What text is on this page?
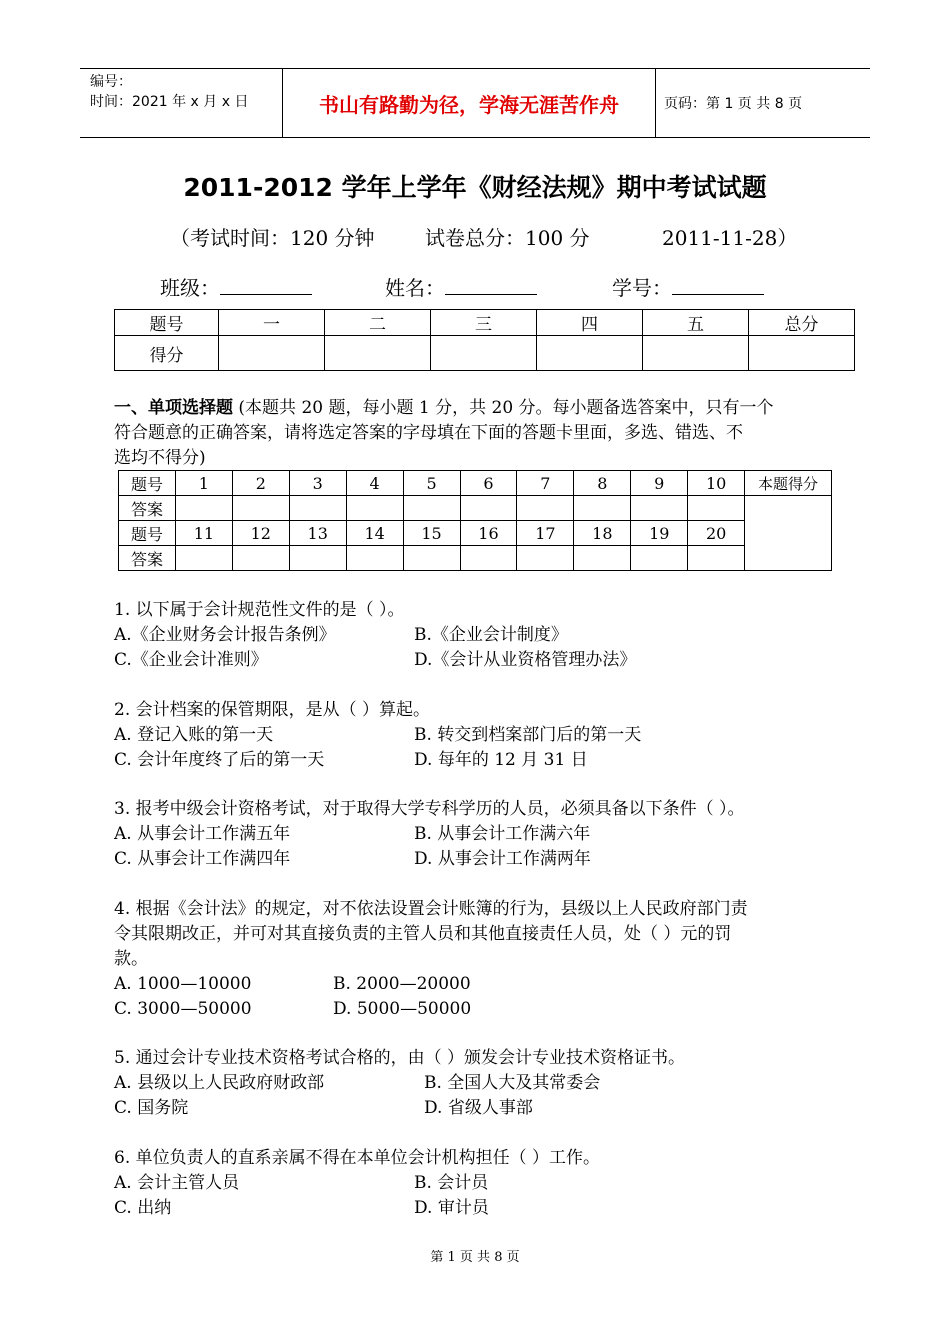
编号：
时间：2021 年 x 月 x 日	书山有路勤为径，学海无涯苦作舟	页码：第 1 页 共 8 页
2011-2012 学年上学年《财经法规》期中考试试题
（考试时间：120 分钟	试卷总分：100 分	2011-11-28）
班级：	姓名：	学号：
题号	一	二	三	四	五	总分
得分						
一、单项选择题 (本题共 20 题，每小题 1 分，共 20 分。每小题备选答案中，只有一个
符合题意的正确答案，请将选定答案的字母填在下面的答题卡里面，多选、错选、不
选均不得分)
题号	1	2	3	4	5	6	7	8	9	10	本题得分
答案											
题号	11	12	13	14	15	16	17	18	19	20	
答案											
1. 以下属于会计规范性文件的是（ ）。
A.《企业财务会计报告条例》	B.《企业会计制度》
C.《企业会计准则》	D.《会计从业资格管理办法》
2. 会计档案的保管期限，是从（ ）算起。
A. 登记入账的第一天	B. 转交到档案部门后的第一天
C. 会计年度终了后的第一天	D. 每年的 12 月 31 日
3. 报考中级会计资格考试，对于取得大学专科学历的人员，必须具备以下条件（ ）。
A. 从事会计工作满五年	B. 从事会计工作满六年
C. 从事会计工作满四年	D. 从事会计工作满两年
4. 根据《会计法》的规定，对不依法设置会计账簿的行为，县级以上人民政府部门责
令其限期改正，并可对其直接负责的主管人员和其他直接责任人员，处（ ）元的罚
款。
A. 1000—10000	B. 2000—20000
C. 3000—50000	D. 5000—50000
5. 通过会计专业技术资格考试合格的，由（ ）颁发会计专业技术资格证书。
A. 县级以上人民政府财政部	B. 全国人大及其常委会
C. 国务院	D. 省级人事部
6. 单位负责人的直系亲属不得在本单位会计机构担任（ ）工作。
A. 会计主管人员	B. 会计员
C. 出纳	D. 审计员
第 1 页 共 8 页
